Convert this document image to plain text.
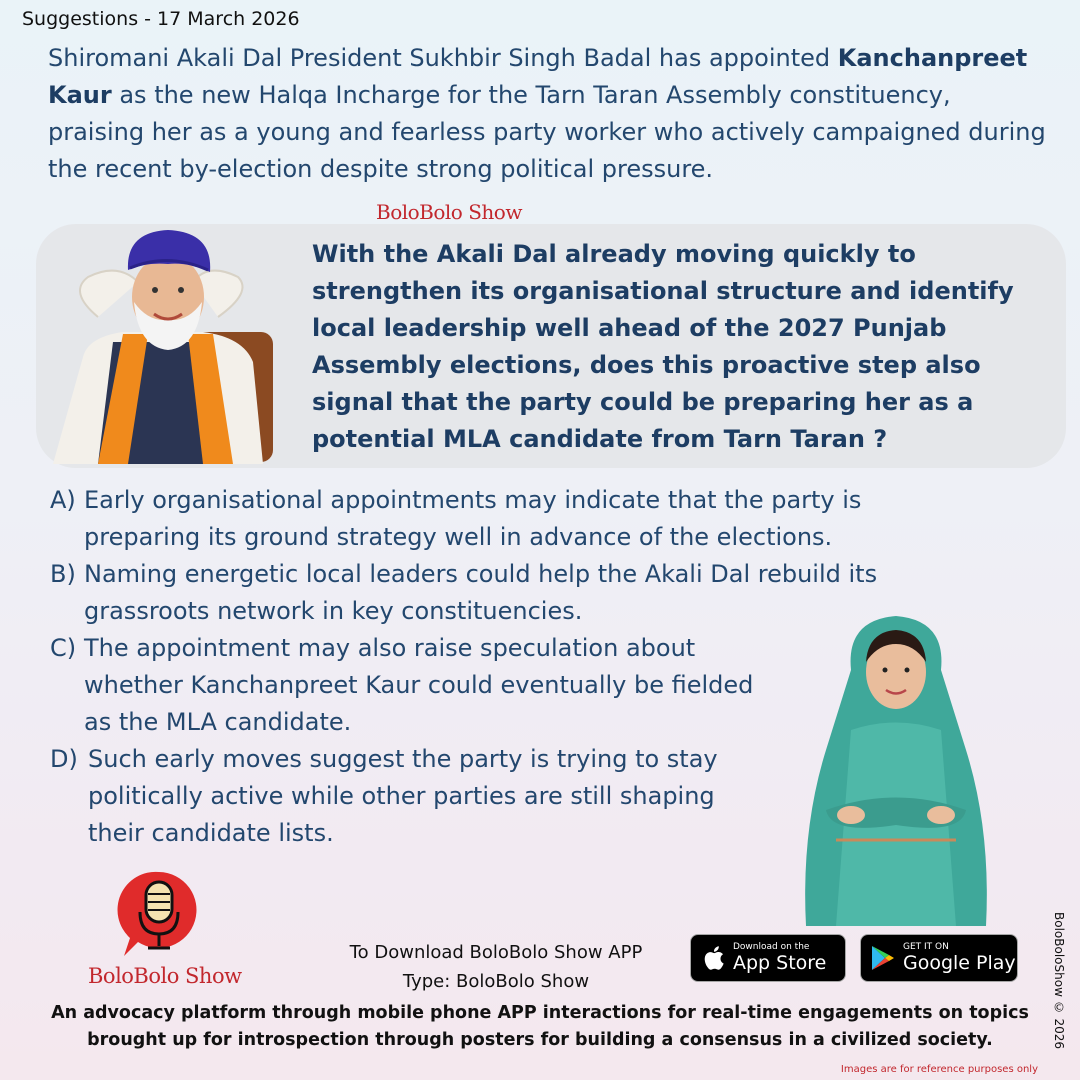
Suggestions - 17 March 2026
Shiromani Akali Dal President Sukhbir Singh Badal has appointed Kanchanpreet Kaur as the new Halqa Incharge for the Tarn Taran Assembly constituency, praising her as a young and fearless party worker who actively campaigned during the recent by-election despite strong political pressure.
BoloBolo Show
With the Akali Dal already moving quickly to strengthen its organisational structure and identify local leadership well ahead of the 2027 Punjab Assembly elections, does this proactive step also signal that the party could be preparing her as a potential MLA candidate from Tarn Taran ?
A) Early organisational appointments may indicate that the party is preparing its ground strategy well in advance of the elections.
B) Naming energetic local leaders could help the Akali Dal rebuild its grassroots network in key constituencies.
C) The appointment may also raise speculation about whether Kanchanpreet Kaur could eventually be fielded as the MLA candidate.
D) Such early moves suggest the party is trying to stay politically active while other parties are still shaping their candidate lists.
BoloBolo Show
To Download BoloBolo Show APP
Type: BoloBolo Show
Download on the
App Store
GET IT ON
Google Play
An advocacy platform through mobile phone APP interactions for real-time engagements on topics brought up for introspection through posters for building a consensus in a civilized society.	BoloBoloShow © 2026
Images are for reference purposes only
